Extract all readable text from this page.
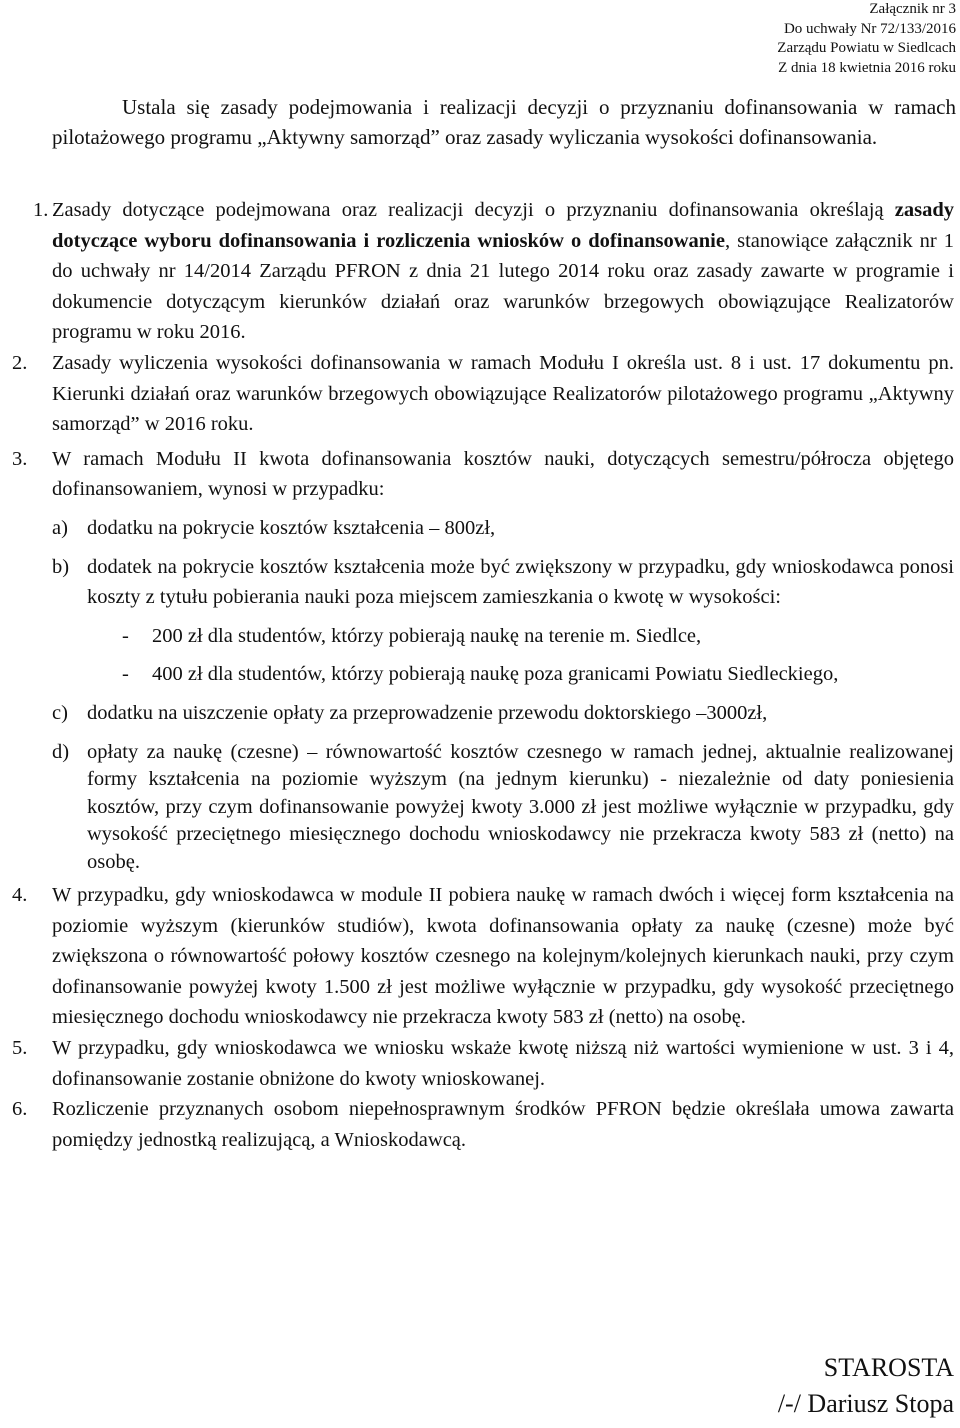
Załącznik nr 3
Do uchwały Nr 72/133/2016
Zarządu Powiatu w Siedlcach
Z dnia 18 kwietnia 2016 roku
Ustala się zasady podejmowania i realizacji decyzji o przyznaniu dofinansowania w ramach pilotażowego programu „Aktywny samorząd” oraz zasady wyliczania wysokości dofinansowania.
1. Zasady dotyczące podejmowana oraz realizacji decyzji o przyznaniu dofinansowania określają zasady dotyczące wyboru dofinansowania i rozliczenia wniosków o dofinansowanie, stanowiące załącznik nr 1 do uchwały nr 14/2014 Zarządu PFRON z dnia 21 lutego 2014 roku oraz zasady zawarte w programie i dokumencie dotyczącym kierunków działań oraz warunków brzegowych obowiązujące Realizatorów programu w roku 2016.
2. Zasady wyliczenia wysokości dofinansowania w ramach Modułu I określa ust. 8 i ust. 17 dokumentu pn. Kierunki działań oraz warunków brzegowych obowiązujące Realizatorów pilotażowego programu „Aktywny samorząd” w 2016 roku.
3. W ramach Modułu II kwota dofinansowania kosztów nauki, dotyczących semestru/półrocza objętego dofinansowaniem, wynosi w przypadku:
a) dodatku na pokrycie kosztów kształcenia – 800zł,
b) dodatek na pokrycie kosztów kształcenia może być zwiększony w przypadku, gdy wnioskodawca ponosi koszty z tytułu pobierania nauki poza miejscem zamieszkania o kwotę w wysokości:
- 200 zł dla studentów, którzy pobierają naukę na terenie m. Siedlce,
- 400 zł dla studentów, którzy pobierają naukę poza granicami Powiatu Siedleckiego,
c) dodatku na uiszczenie opłaty za przeprowadzenie przewodu doktorskiego –3000zł,
d) opłaty za naukę (czesne) – równowartość kosztów czesnego w ramach jednej, aktualnie realizowanej formy kształcenia na poziomie wyższym (na jednym kierunku) - niezależnie od daty poniesienia kosztów, przy czym dofinansowanie powyżej kwoty 3.000 zł jest możliwe wyłącznie w przypadku, gdy wysokość przeciętnego miesięcznego dochodu wnioskodawcy nie przekracza kwoty 583 zł (netto) na osobę.
4. W przypadku, gdy wnioskodawca w module II pobiera naukę w ramach dwóch i więcej form kształcenia na poziomie wyższym (kierunków studiów), kwota dofinansowania opłaty za naukę (czesne) może być zwiększona o równowartość połowy kosztów czesnego na kolejnym/kolejnych kierunkach nauki, przy czym dofinansowanie powyżej kwoty 1.500 zł jest możliwe wyłącznie w przypadku, gdy wysokość przeciętnego miesięcznego dochodu wnioskodawcy nie przekracza kwoty 583 zł (netto) na osobę.
5. W przypadku, gdy wnioskodawca we wniosku wskaże kwotę niższą niż wartości wymienione w ust. 3 i 4, dofinansowanie zostanie obniżone do kwoty wnioskowanej.
6. Rozliczenie przyznanych osobom niepełnosprawnym środków PFRON będzie określała umowa zawarta pomiędzy jednostką realizującą, a Wnioskodawcą.
STAROSTA
/-/ Dariusz Stopa
